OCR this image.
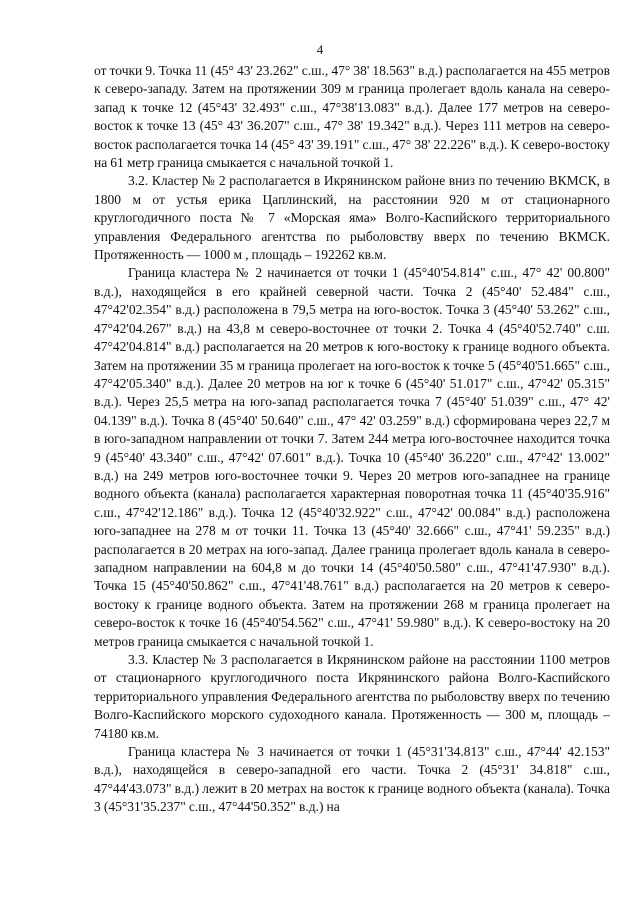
4

от точки 9. Точка 11 (45° 43' 23.262" с.ш., 47° 38' 18.563" в.д.) располагается на 455 метров к северо-западу. Затем на протяжении 309 м граница пролегает вдоль канала на северо-запад к точке 12 (45°43' 32.493" с.ш., 47°38'13.083" в.д.). Далее 177 метров на северо-восток к точке 13 (45° 43' 36.207" с.ш., 47° 38' 19.342" в.д.). Через 111 метров на северо-восток располагается точка 14 (45° 43' 39.191" с.ш., 47° 38' 22.226" в.д.). К северо-востоку на 61 метр граница смыкается с начальной точкой 1.

3.2. Кластер № 2 располагается в Икрянинском районе вниз по течению ВКМСК, в 1800 м от устья ерика Цаплинский, на расстоянии 920 м от стационарного круглогодичного поста № 7 «Морская яма» Волго-Каспийского территориального управления Федерального агентства по рыболовству вверх по течению ВКМСК. Протяженность — 1000 м , площадь – 192262 кв.м.

Граница кластера № 2 начинается от точки 1 (45°40'54.814" с.ш., 47° 42' 00.800" в.д.), находящейся в его крайней северной части. Точка 2 (45°40' 52.484" с.ш., 47°42'02.354" в.д.) расположена в 79,5 метра на юго-восток. Точка 3 (45°40' 53.262" с.ш., 47°42'04.267" в.д.) на 43,8 м северо-восточнее от точки 2. Точка 4 (45°40'52.740" с.ш. 47°42'04.814" в.д.) располагается на 20 метров к юго-востоку к границе водного объекта. Затем на протяжении 35 м граница пролегает на юго-восток к точке 5 (45°40'51.665" с.ш., 47°42'05.340" в.д.). Далее 20 метров на юг к точке 6 (45°40' 51.017" с.ш., 47°42' 05.315" в.д.). Через 25,5 метра на юго-запад располагается точка 7 (45°40' 51.039" с.ш., 47° 42' 04.139" в.д.). Точка 8 (45°40' 50.640" с.ш., 47° 42' 03.259" в.д.) сформирована через 22,7 м в юго-западном направлении от точки 7. Затем 244 метра юго-восточнее находится точка 9 (45°40' 43.340" с.ш., 47°42' 07.601" в.д.). Точка 10 (45°40' 36.220" с.ш., 47°42' 13.002" в.д.) на 249 метров юго-восточнее точки 9. Через 20 метров юго-западнее на границе водного объекта (канала) располагается характерная поворотная точка 11 (45°40'35.916" с.ш., 47°42'12.186" в.д.). Точка 12 (45°40'32.922" с.ш., 47°42' 00.084" в.д.) расположена юго-западнее на 278 м от точки 11. Точка 13 (45°40' 32.666" с.ш., 47°41' 59.235" в.д.) располагается в 20 метрах на юго-запад. Далее граница пролегает вдоль канала в северо-западном направлении на 604,8 м до точки 14 (45°40'50.580" с.ш., 47°41'47.930" в.д.). Точка 15 (45°40'50.862" с.ш., 47°41'48.761" в.д.) располагается на 20 метров к северо-востоку к границе водного объекта. Затем на протяжении 268 м граница пролегает на северо-восток к точке 16 (45°40'54.562" с.ш., 47°41' 59.980" в.д.). К северо-востоку на 20 метров граница смыкается с начальной точкой 1.

3.3. Кластер № 3 располагается в Икрянинском районе на расстоянии 1100 метров от стационарного круглогодичного поста Икрянинского района Волго-Каспийского территориального управления Федерального агентства по рыболовству вверх по течению Волго-Каспийского морского судоходного канала. Протяженность — 300 м, площадь – 74180 кв.м.

Граница кластера № 3 начинается от точки 1 (45°31'34.813" с.ш., 47°44' 42.153" в.д.), находящейся в северо-западной его части. Точка 2 (45°31' 34.818" с.ш., 47°44'43.073" в.д.) лежит в 20 метрах на восток к границе водного объекта (канала). Точка 3 (45°31'35.237" с.ш., 47°44'50.352" в.д.) на
